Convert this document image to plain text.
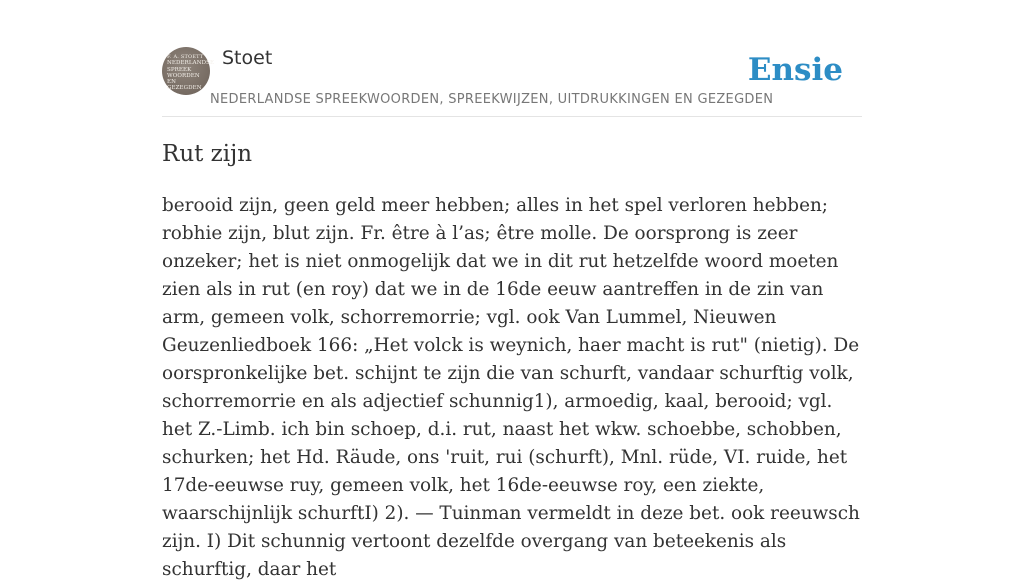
F. A. STOETT
NEDERLANDSE
SPREEK
WOORDEN EN
GEZEGDEN
Stoet
NEDERLANDSE SPREEKWOORDEN, SPREEKWIJZEN, UITDRUKKINGEN EN GEZEGDEN
Ensie
Rut zijn

berooid zijn, geen geld meer hebben; alles in het spel verloren hebben; robhie zijn, blut zijn. Fr. être à l’as; être molle. De oorsprong is zeer onzeker; het is niet onmogelijk dat we in dit rut hetzelfde woord moeten zien als in rut (en roy) dat we in de 16de eeuw aantreffen in de zin van arm, gemeen volk, schorremorrie; vgl. ook Van Lummel, Nieuwen Geuzenliedboek 166: „Het volck is weynich, haer macht is rut" (nietig). De oorspronkelijke bet. schijnt te zijn die van schurft, vandaar schurftig volk, schorremorrie en als adjectief schunnig1), armoedig, kaal, berooid; vgl. het Z.-Limb. ich bin schoep, d.i. rut, naast het wkw. schoebbe, schobben, schurken; het Hd. Räude, ons 'ruit, rui (schurft), Mnl. rüde, VI. ruide, het 17de-eeuwse ruy, gemeen volk, het 16de-eeuwse roy, een ziekte, waarschijnlijk schurftI) 2). — Tuinman vermeldt in deze bet. ook reeuwsch zijn. I) Dit schunnig vertoont dezelfde overgang van beteekenis als schurftig, daar het
